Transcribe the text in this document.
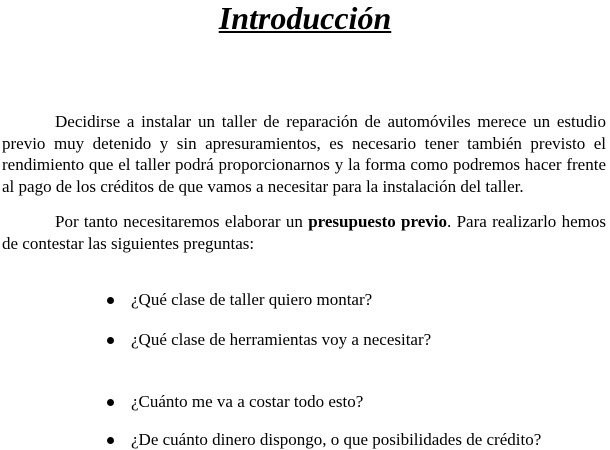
Introducción

Decidirse a instalar un taller de reparación de automóviles merece un estudio previo muy detenido y sin apresuramientos, es necesario tener también previsto el rendimiento que el taller podrá proporcionarnos y la forma como podremos hacer frente al pago de los créditos de que vamos a necesitar para la instalación del taller.

Por tanto necesitaremos elaborar un presupuesto previo. Para realizarlo hemos de contestar las siguientes preguntas:

¿Qué clase de taller quiero montar?
¿Qué clase de herramientas voy a necesitar?
¿Cuánto me va a costar todo esto?
¿De cuánto dinero dispongo, o que posibilidades de crédito?
